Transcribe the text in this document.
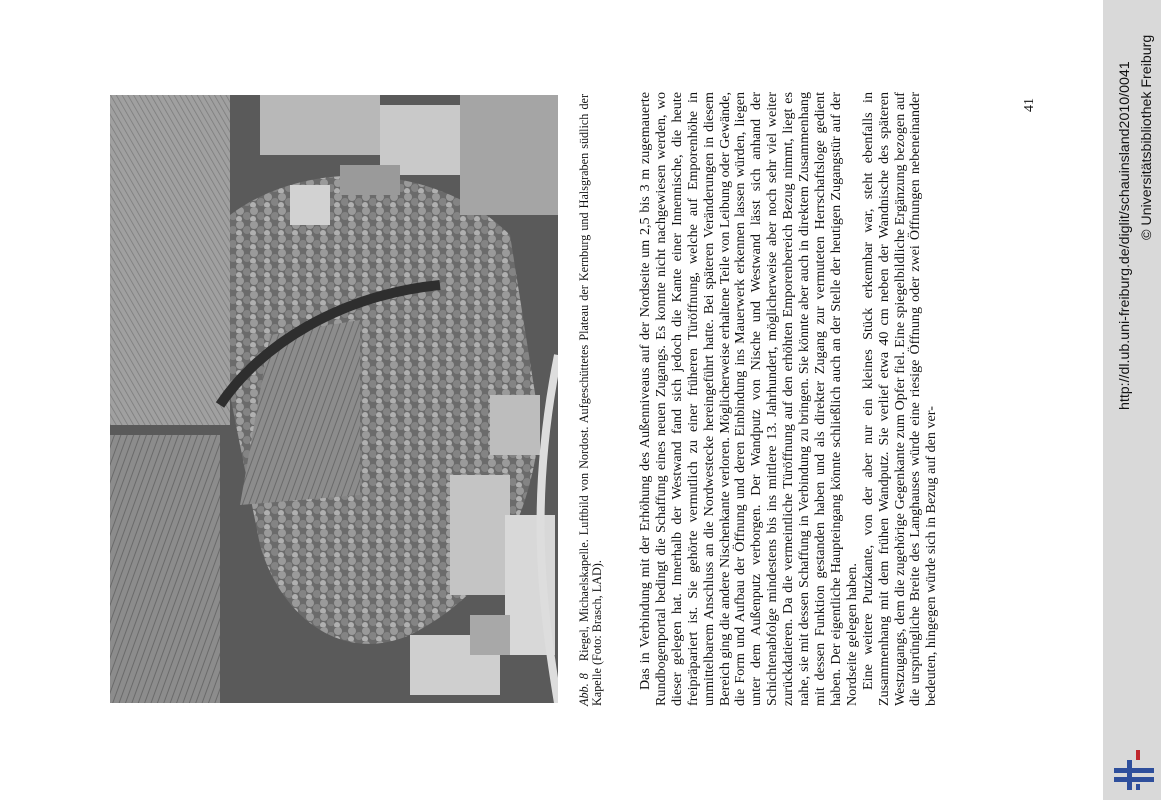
Abb. 8   Riegel, Michaelskapelle. Luftbild von Nordost. Aufgeschüttetes Plateau der Kernburg und Halsgraben südlich der Kapelle (Foto: Brasch, LAD). Das in Verbindung mit der Erhöhung des Außenniveaus auf der Nordseite um 2,5 bis 3 m zugemauerte Rundbogenportal bedingt die Schaffung eines neuen Zugangs. Es konnte nicht nachgewiesen werden, wo dieser gelegen hat. Innerhalb der Westwand fand sich jedoch die Kante einer Innennische, die heute freipräpariert ist. Sie gehörte vermutlich zu einer früheren Türöffnung, welche auf Emporenhöhe in unmittelbarem Anschluss an die Nordwestecke hereingeführt hatte. Bei späteren Veränderungen in diesem Bereich ging die andere Nischenkante verloren. Möglicherweise erhaltene Teile von Leibung oder Gewände, die Form und Aufbau der Öffnung und deren Einbindung ins Mauerwerk erkennen lassen würden, liegen unter dem Außenputz verborgen. Der Wandputz von Nische und Westwand lässt sich anhand der Schichtenabfolge mindestens bis ins mittlere 13. Jahrhundert, möglicherweise aber noch sehr viel weiter zurückdatieren. Da die vermeintliche Türöffnung auf den erhöhten Emporenbereich Bezug nimmt, liegt es nahe, sie mit dessen Schaffung in Verbindung zu bringen. Sie könnte aber auch in direktem Zusammenhang mit dessen Funktion gestanden haben und als direkter Zugang zur vermuteten Herrschaftsloge gedient haben. Der eigentliche Haupteingang könnte schließlich auch an der Stelle der heutigen Zugangstür auf der Nordseite gelegen haben. Eine weitere Putzkante, von der aber nur ein kleines Stück erkennbar war, steht ebenfalls in Zusammenhang mit dem frühen Wandputz. Sie verlief etwa 40 cm neben der Wandnische des späteren Westzugangs, dem die zugehörige Gegenkante zum Opfer fiel. Eine spiegelbildliche Ergänzung bezogen auf die ursprüngliche Breite des Langhauses würde eine riesige Öffnung oder zwei Öffnungen nebeneinander bedeuten, hingegen würde sich in Bezug auf den ver-

41	http://dl.ub.uni-freiburg.de/diglit/schauinsland2010/0041 © Universitätsbibliothek Freiburg
